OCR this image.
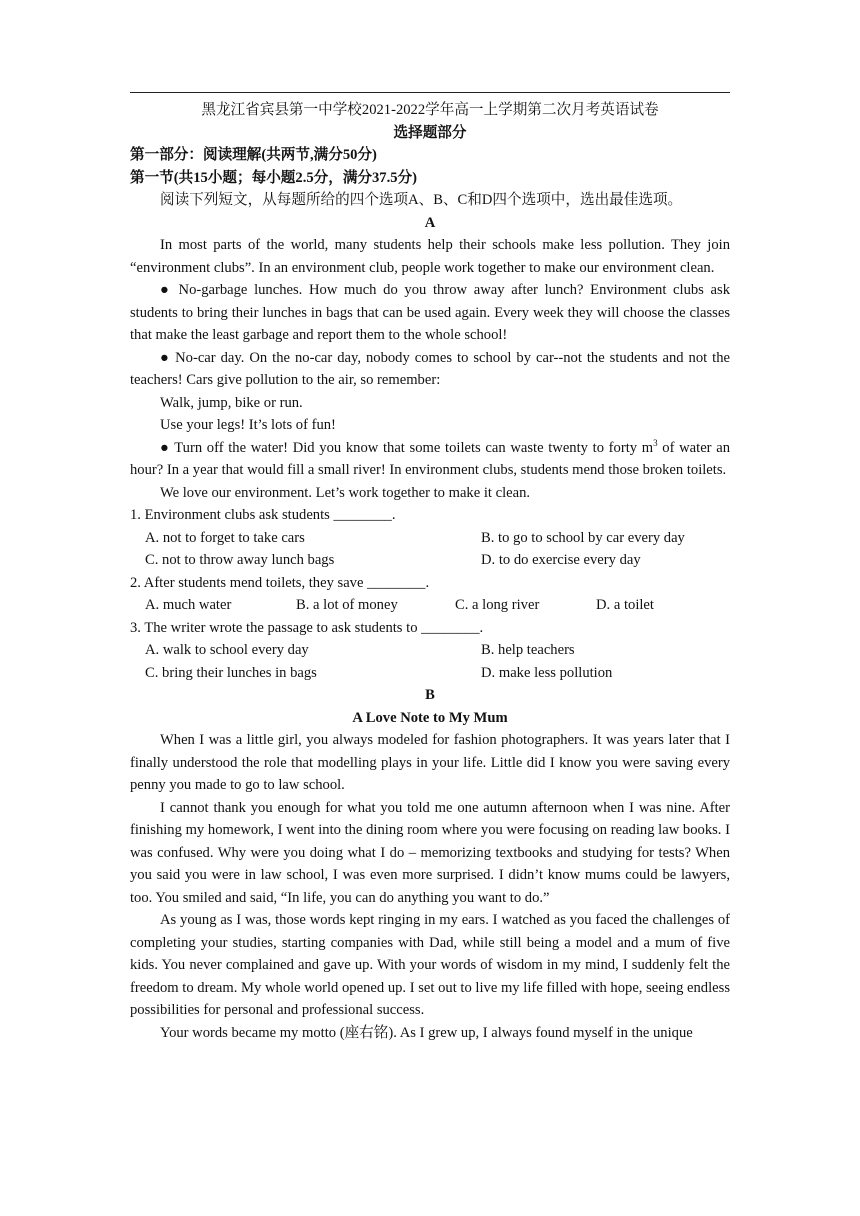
黑龙江省宾县第一中学校2021-2022学年高一上学期第二次月考英语试卷

选择题部分

第一部分：阅读理解(共两节,满分50分)

第一节(共15小题；每小题2.5分，满分37.5分)

阅读下列短文，从每题所给的四个选项A、B、C和D四个选项中，选出最佳选项。

A

In most parts of the world, many students help their schools make less pollution. They join “environment clubs”. In an environment club, people work together to make our environment clean.

● No-garbage lunches. How much do you throw away after lunch? Environment clubs ask students to bring their lunches in bags that can be used again. Every week they will choose the classes that make the least garbage and report them to the whole school!

● No-car day. On the no-car day, nobody comes to school by car--not the students and not the teachers! Cars give pollution to the air, so remember:

Walk, jump, bike or run.

Use your legs! It’s lots of fun!

● Turn off the water! Did you know that some toilets can waste twenty to forty $m^3$ of water an hour? In a year that would fill a small river! In environment clubs, students mend those broken toilets.

We love our environment. Let’s work together to make it clean.

1. Environment clubs ask students ________.

A. not to forget to take cars	B. to go to school by car every day
C. not to throw away lunch bags	D. to do exercise every day

2. After students mend toilets, they save ________.

A. much water	B. a lot of money	C. a long river	D. a toilet

3. The writer wrote the passage to ask students to ________.

A. walk to school every day	B. help teachers
C. bring their lunches in bags	D. make less pollution

B

A Love Note to My Mum

When I was a little girl, you always modeled for fashion photographers. It was years later that I finally understood the role that modelling plays in your life. Little did I know you were saving every penny you made to go to law school.

I cannot thank you enough for what you told me one autumn afternoon when I was nine. After finishing my homework, I went into the dining room where you were focusing on reading law books. I was confused. Why were you doing what I do – memorizing textbooks and studying for tests? When you said you were in law school, I was even more surprised. I didn’t know mums could be lawyers, too. You smiled and said, “In life, you can do anything you want to do.”

As young as I was, those words kept ringing in my ears. I watched as you faced the challenges of completing your studies, starting companies with Dad, while still being a model and a mum of five kids. You never complained and gave up. With your words of wisdom in my mind, I suddenly felt the freedom to dream. My whole world opened up. I set out to live my life filled with hope, seeing endless possibilities for personal and professional success.

Your words became my motto (座右铭). As I grew up, I always found myself in the unique
